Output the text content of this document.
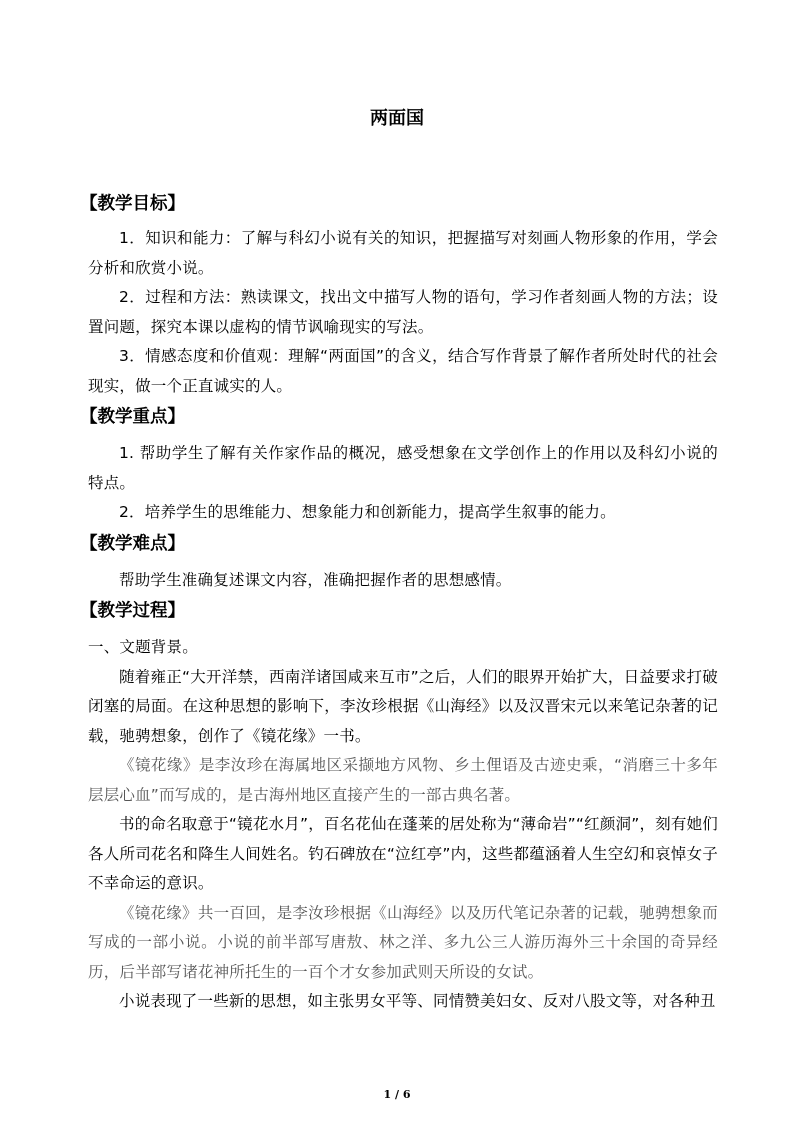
两面国
【教学目标】

1．知识和能力：了解与科幻小说有关的知识，把握描写对刻画人物形象的作用，学会分析和欣赏小说。

2．过程和方法：熟读课文，找出文中描写人物的语句，学习作者刻画人物的方法；设置问题，探究本课以虚构的情节讽喻现实的写法。

3．情感态度和价值观：理解“两面国”的含义，结合写作背景了解作者所处时代的社会现实，做一个正直诚实的人。

【教学重点】

1. 帮助学生了解有关作家作品的概况，感受想象在文学创作上的作用以及科幻小说的特点。

2．培养学生的思维能力、想象能力和创新能力，提高学生叙事的能力。

【教学难点】

帮助学生准确复述课文内容，准确把握作者的思想感情。

【教学过程】

一、文题背景。

随着雍正“大开洋禁，西南洋诸国咸来互市”之后，人们的眼界开始扩大，日益要求打破闭塞的局面。在这种思想的影响下，李汝珍根据《山海经》以及汉晋宋元以来笔记杂著的记载，驰骋想象，创作了《镜花缘》一书。

《镜花缘》是李汝珍在海属地区采撷地方风物、乡土俚语及古迹史乘，“消磨三十多年层层心血”而写成的，是古海州地区直接产生的一部古典名著。

书的命名取意于“镜花水月”，百名花仙在蓬莱的居处称为“薄命岩”“红颜洞”，刻有她们各人所司花名和降生人间姓名。钓石碑放在“泣红亭”内，这些都蕴涵着人生空幻和哀悼女子不幸命运的意识。

《镜花缘》共一百回，是李汝珍根据《山海经》以及历代笔记杂著的记载，驰骋想象而写成的一部小说。小说的前半部写唐敖、林之洋、多九公三人游历海外三十余国的奇异经历，后半部写诸花神所托生的一百个才女参加武则天所设的女试。

小说表现了一些新的思想，如主张男女平等、同情赞美妇女、反对八股文等，对各种丑

1 / 6
